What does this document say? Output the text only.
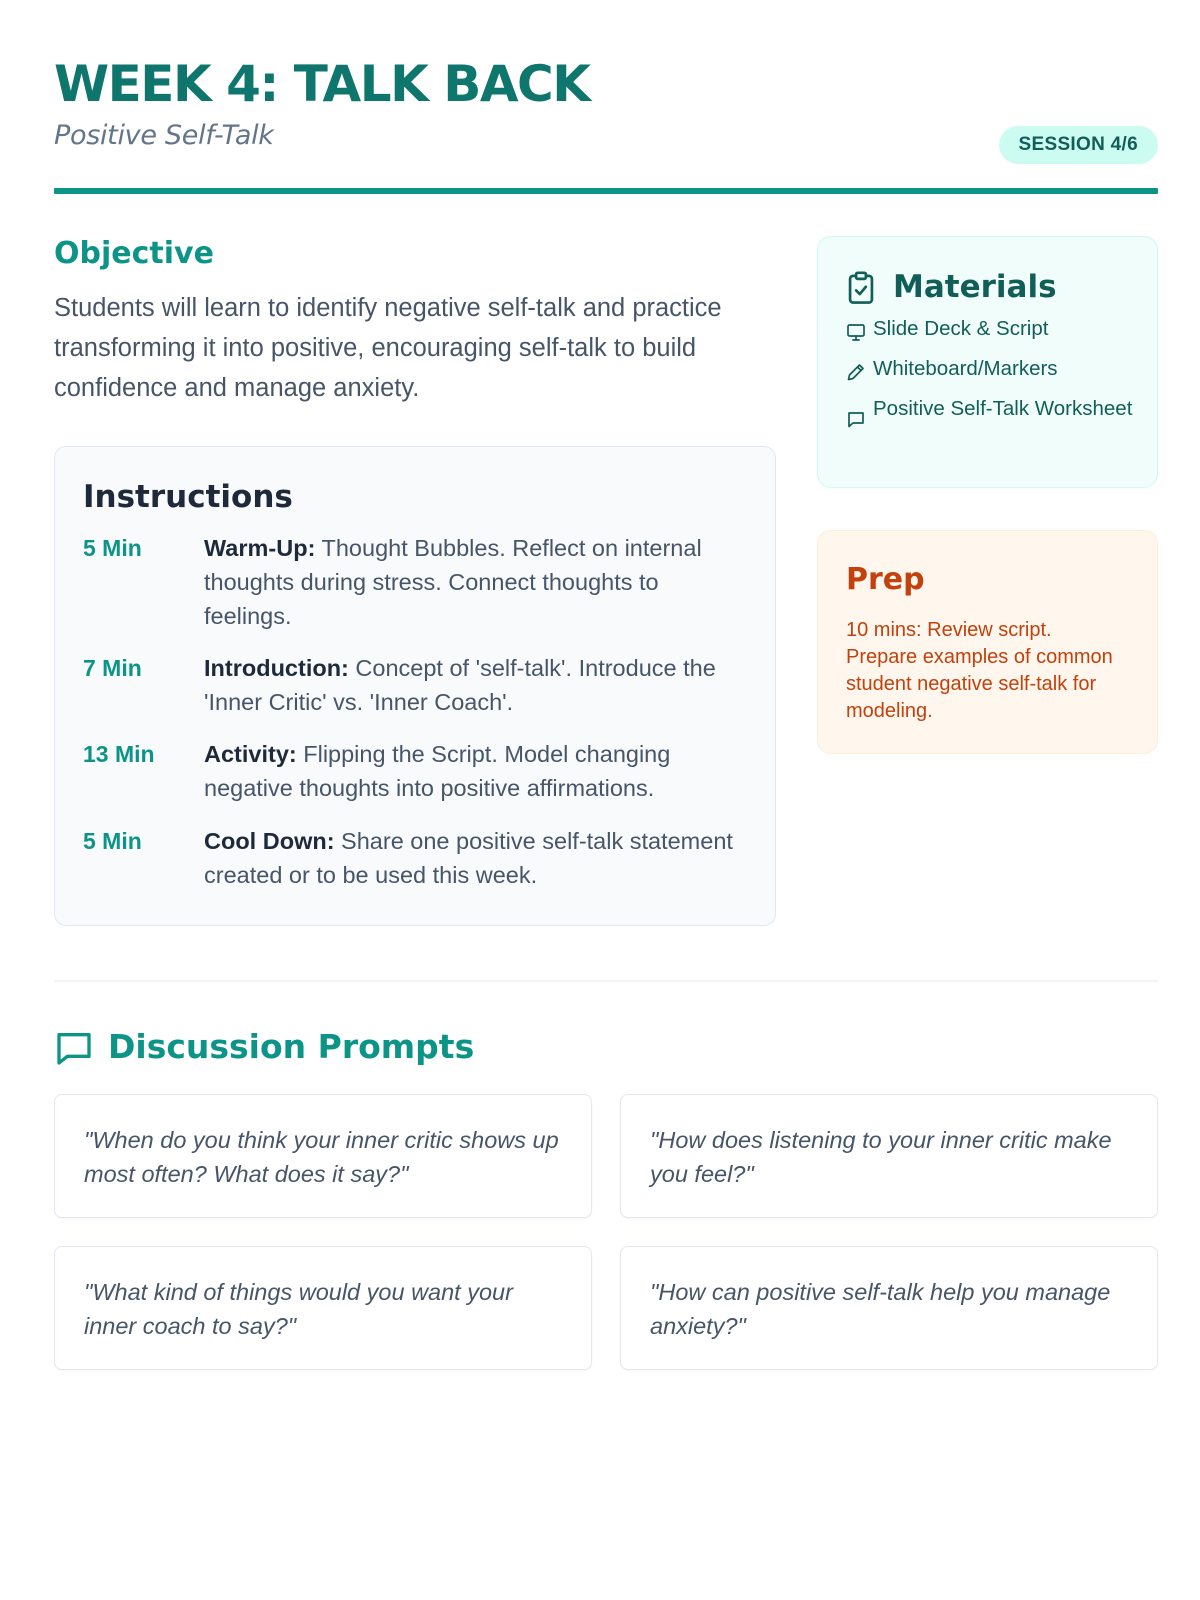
WEEK 4: TALK BACK
Positive Self-Talk	SESSION 4/6
Objective

Students will learn to identify negative self-talk and practice transforming it into positive, encouraging self-talk to build confidence and manage anxiety.

Instructions
5 Min	Warm-Up: Thought Bubbles. Reflect on internal thoughts during stress. Connect thoughts to feelings.
7 Min	Introduction: Concept of 'self-talk'. Introduce the 'Inner Critic' vs. 'Inner Coach'.
13 Min	Activity: Flipping the Script. Model changing negative thoughts into positive affirmations.
5 Min	Cool Down: Share one positive self-talk statement created or to be used this week.
Materials
Slide Deck & Script
Whiteboard/Markers
Positive Self-Talk Worksheet
Prep
10 mins: Review script. Prepare examples of common student negative self-talk for modeling.
Discussion Prompts

"When do you think your inner critic shows up most often? What does it say?"

"How does listening to your inner critic make you feel?"

"What kind of things would you want your inner coach to say?"

"How can positive self-talk help you manage anxiety?"
